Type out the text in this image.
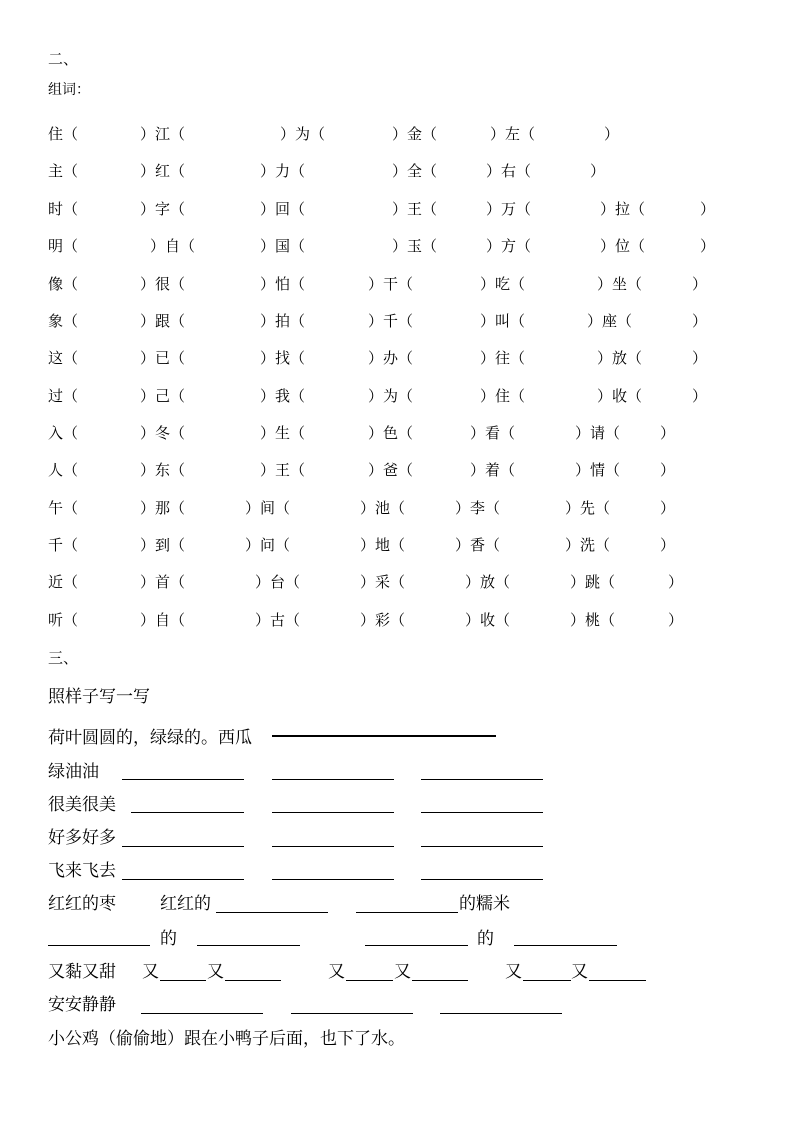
二、
组词：
住（	）江（	）为（	）金（	）左（	）
主（	）红（	）力（	）全（	）右（	）
时（	）字（	）回（	）王（	）万（	）拉（	）
明（	）自（	）国（	）玉（	）方（	）位（	）
像（	）很（	）怕（	）干（	）吃（	）坐（	）
象（	）跟（	）拍（	）千（	）叫（	）座（	）
这（	）已（	）找（	）办（	）往（	）放（	）
过（	）己（	）我（	）为（	）住（	）收（	）
入（	）冬（	）生（	）色（	）看（	）请（	）
人（	）东（	）王（	）爸（	）着（	）情（	）
午（	）那（	）间（	）池（	）李（	）先（	）
千（	）到（	）问（	）地（	）香（	）洗（	）
近（	）首（	）台（	）采（	）放（	）跳（	）
听（	）自（	）古（	）彩（	）收（	）桃（	）
三、
照样子写一写
荷叶圆圆的，绿绿的。西瓜
绿油油
很美很美
好多好多
飞来飞去
红红的枣	红红的	的糯米
的	的
又黏又甜 又	又	又	又	又	又
安安静静
小公鸡（偷偷地）跟在小鸭子后面，也下了水。
